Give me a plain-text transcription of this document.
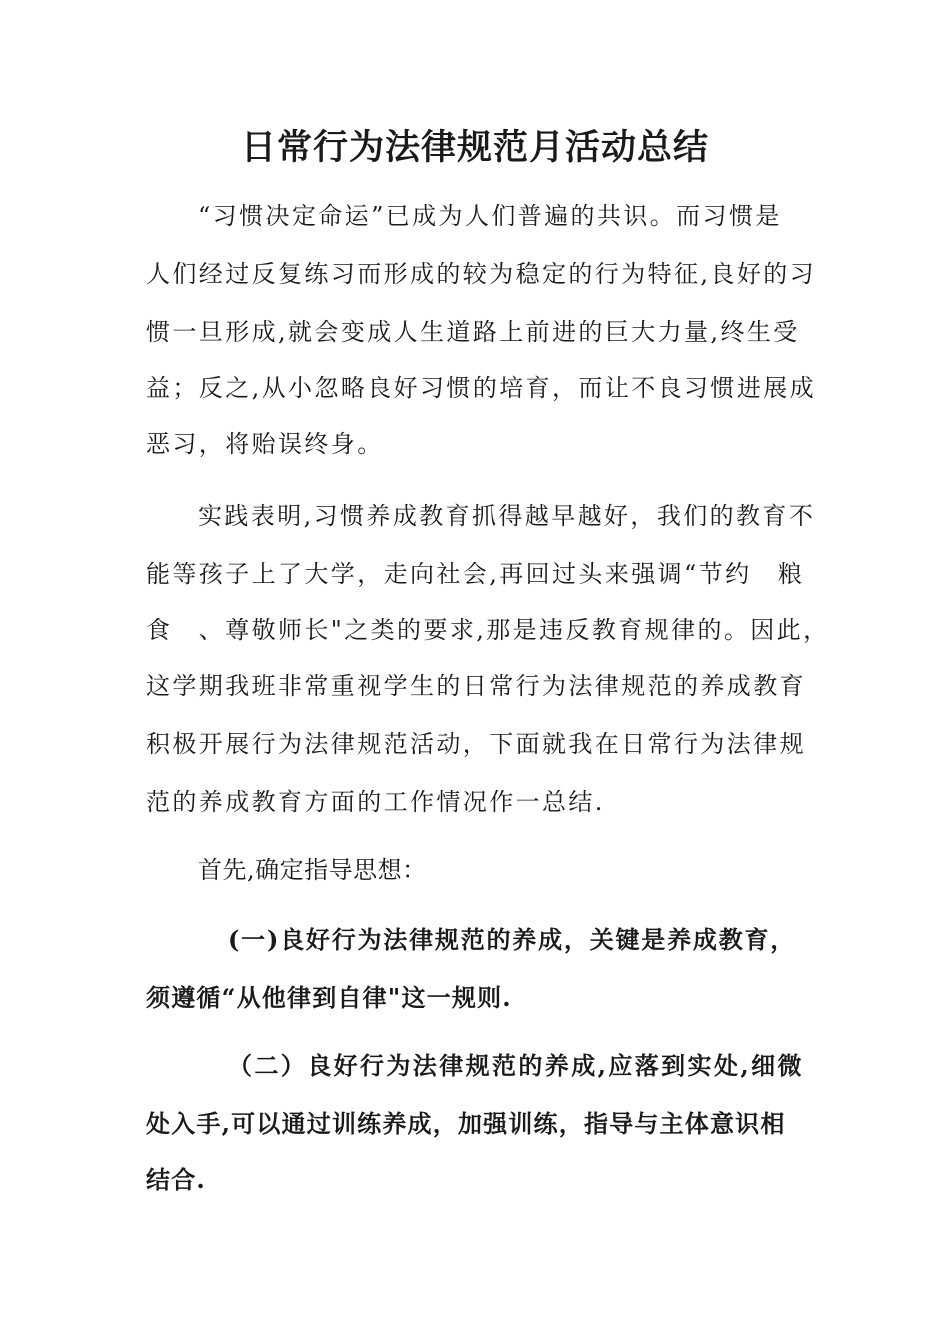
日常行为法律规范月活动总结
“习惯决定命运”已成为人们普遍的共识。而习惯是
人们经过反复练习而形成的较为稳定的行为特征,良好的习
惯一旦形成,就会变成人生道路上前进的巨大力量,终生受
益；反之,从小忽略良好习惯的培育，而让不良习惯进展成
恶习，将贻误终身。
实践表明,习惯养成教育抓得越早越好，我们的教育不
能等孩子上了大学，走向社会,再回过头来强调“节约　粮
食　、尊敬师长"之类的要求,那是违反教育规律的。因此，
这学期我班非常重视学生的日常行为法律规范的养成教育
积极开展行为法律规范活动，下面就我在日常行为法律规
范的养成教育方面的工作情况作一总结.
首先,确定指导思想：
(一)良好行为法律规范的养成，关键是养成教育，
须遵循“从他律到自律"这一规则.
（二）良好行为法律规范的养成,应落到实处,细微
处入手,可以通过训练养成，加强训练，指导与主体意识相
结合.
